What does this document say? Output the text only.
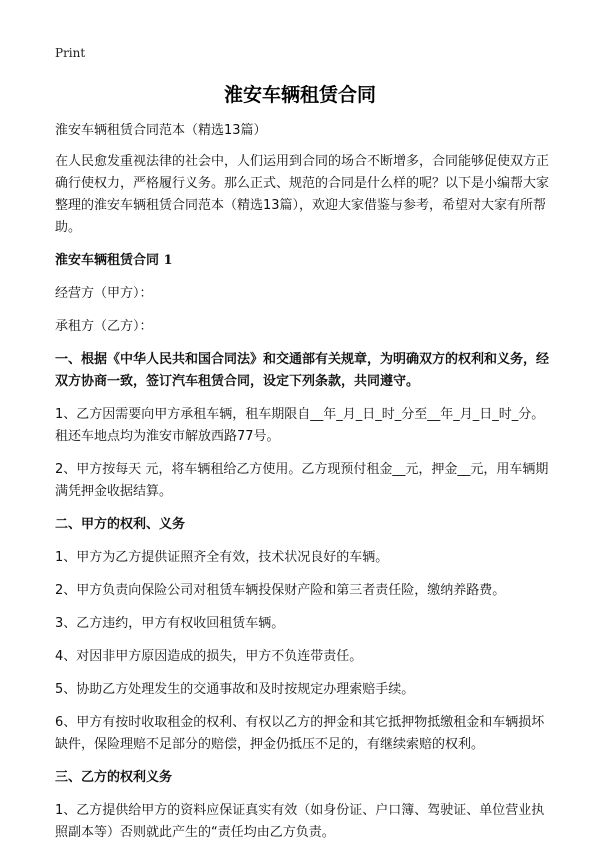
Print
淮安车辆租赁合同

淮安车辆租赁合同范本（精选13篇）

在人民愈发重视法律的社会中，人们运用到合同的场合不断增多，合同能够促使双方正确行使权力，严格履行义务。那么正式、规范的合同是什么样的呢？以下是小编帮大家整理的淮安车辆租赁合同范本（精选13篇），欢迎大家借鉴与参考，希望对大家有所帮助。

淮安车辆租赁合同 1

经营方（甲方）：

承租方（乙方）：

一、根据《中华人民共和国合同法》和交通部有关规章，为明确双方的权利和义务，经双方协商一致，签订汽车租赁合同，设定下列条款，共同遵守。

1、乙方因需要向甲方承租车辆，租车期限自__年_月_日_时_分至__年_月_日_时_分。租还车地点均为淮安市解放西路77号。

2、甲方按每天 元，将车辆租给乙方使用。乙方现预付租金__元，押金__元，用车辆期满凭押金收据结算。

二、甲方的权利、义务

1、甲方为乙方提供证照齐全有效，技术状况良好的车辆。

2、甲方负责向保险公司对租赁车辆投保财产险和第三者责任险，缴纳养路费。

3、乙方违约，甲方有权收回租赁车辆。

4、对因非甲方原因造成的损失，甲方不负连带责任。

5、协助乙方处理发生的交通事故和及时按规定办理索赔手续。

6、甲方有按时收取租金的权利、有权以乙方的押金和其它抵押物抵缴租金和车辆损坏缺件，保险理赔不足部分的赔偿，押金仍抵压不足的，有继续索赔的权利。

三、乙方的权利义务

1、乙方提供给甲方的资料应保证真实有效（如身份证、户口簿、驾驶证、单位营业执照副本等）否则就此产生的“责任均由乙方负责。
